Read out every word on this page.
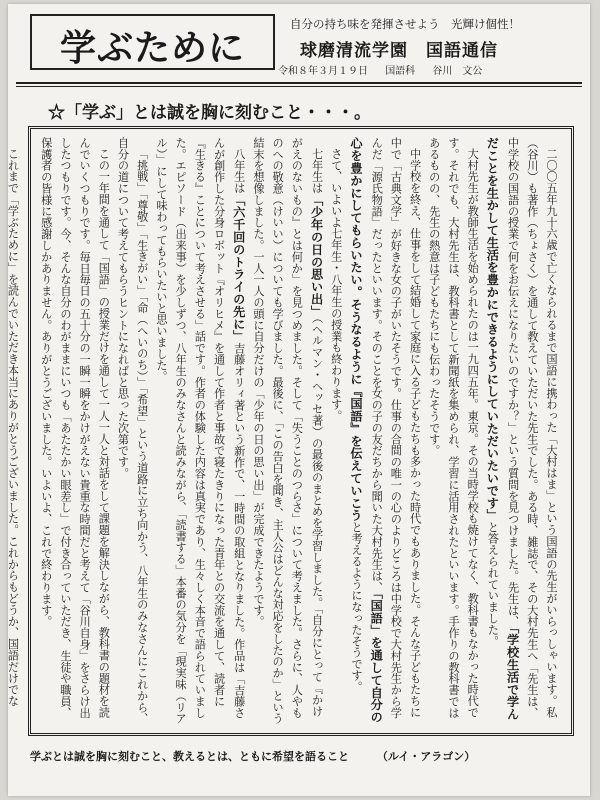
学ぶために
自分の持ち味を発揮させよう　光輝け個性！
球磨清流学園　国語通信
令和８年３月１９日 国語科 谷川　文公
☆「学ぶ」とは誠を胸に刻むこと・・・。

二〇〇五年九十六歳で亡くなられるまで国語に携わった「大村はま」という国語の先生がいらっしゃいます。私（谷川）も著作（ちょさく）を通して教えていただいた先生でした。ある時、雑誌で、その大村先生へ「先生は、中学校の国語の授業で何をお伝えになりたいのですか？」という質問を見つけました。先生は、「学校生活で学んだことを生かして生活を豊かにできるようにしていただいたいです」と答えられていました。

大村先生が教師生活を始められたのは一九四五年。東京。その当時学校も焼けてなく、教科書もなかった時代です。それでも、大村先生は、教科書として新聞紙を集められ、学習に活用されたといいます。手作りの教科書ではあるものの、先生の熱意は子どもたちにも伝わったそうです。

中学校を終え、仕事をして結婚して家庭に入る子どもたちも多かった時代でもありました。そんな子どもたちに中で「古典文学」が好きな女の子がいたそうです。仕事の合間の唯一の心のよりどころは中学校で大村先生から学んだ「源氏物語」だったといいます。そのことを女の子の友だちから聞いた大村先生は、「国語」を通して自分の心を豊かにしてもらいたい。そうなるように『国語』を伝えていこうと考えるようになったそうです。

さて、いよいよ七年生・八年生の授業も終わります。

七年生は「少年の日の思い出」（ヘルマン・ヘッセ著）の最後のまとめを学習しました。「自分にとって『かけがえのないもの』とは何か」を見つめました。そして「失うことのつらさ」について考えました。さらに、人やものへの敬意（けいい）についても学びました。最後に、「この告白を聞き、主人公はどんな対応をしたのか」という結末を想像しました。一人一人の頭に自分だけの「少年の日の思い出」が完成できたようです。

八年生は「六千回のトライの先に」吉藤オリィ著という新作で、一時間の取組となりました。作品は「吉藤さんが創作した分身ロボット『オリヒメ』を通して作者と事故で寝たきりになった青年との交流を通して、読者に『生きる』ことについて考えさせる」話です。作者の体験した内容は真実であり、生々しく本音で語られていました。エピソード（出来事）を少しずつ、八年生のみなさんと読みながら、「読書する」本番の気分を「現実味（リアル）」にして味わってもらいたいと思いました。

「挑戦」「尊敬」「生きがい」「命（へいのち）」「希望」という道路に立ち向かう、八年生のみなさんにこれから、自分の道について考えてもらうヒントになればと思った次第です。

この一年間を通して「国語」の授業だけを通して一人一人と対話をして課題を解決しながら、教科書の題材を読んでいくつもりです。毎日毎日の五十分の一瞬一瞬をかけがえない貴重な時間だと考えて「谷川自身」をさらけ出したつもりです。今、そんな自分のわがままにいつも「あたたかい眼差し」で付き合っていただき、生徒や職員、保護者の皆様に感謝しかありません。ありがとうございました。いよいよ、これで終わります。

これまで「学ぶために」を読んでいただき本当にありがとうございました。これからもどうか、国語だけでな

学ぶとは誠を胸に刻むこと、教えるとは、ともに希望を語ること	（ルイ・アラゴン）
